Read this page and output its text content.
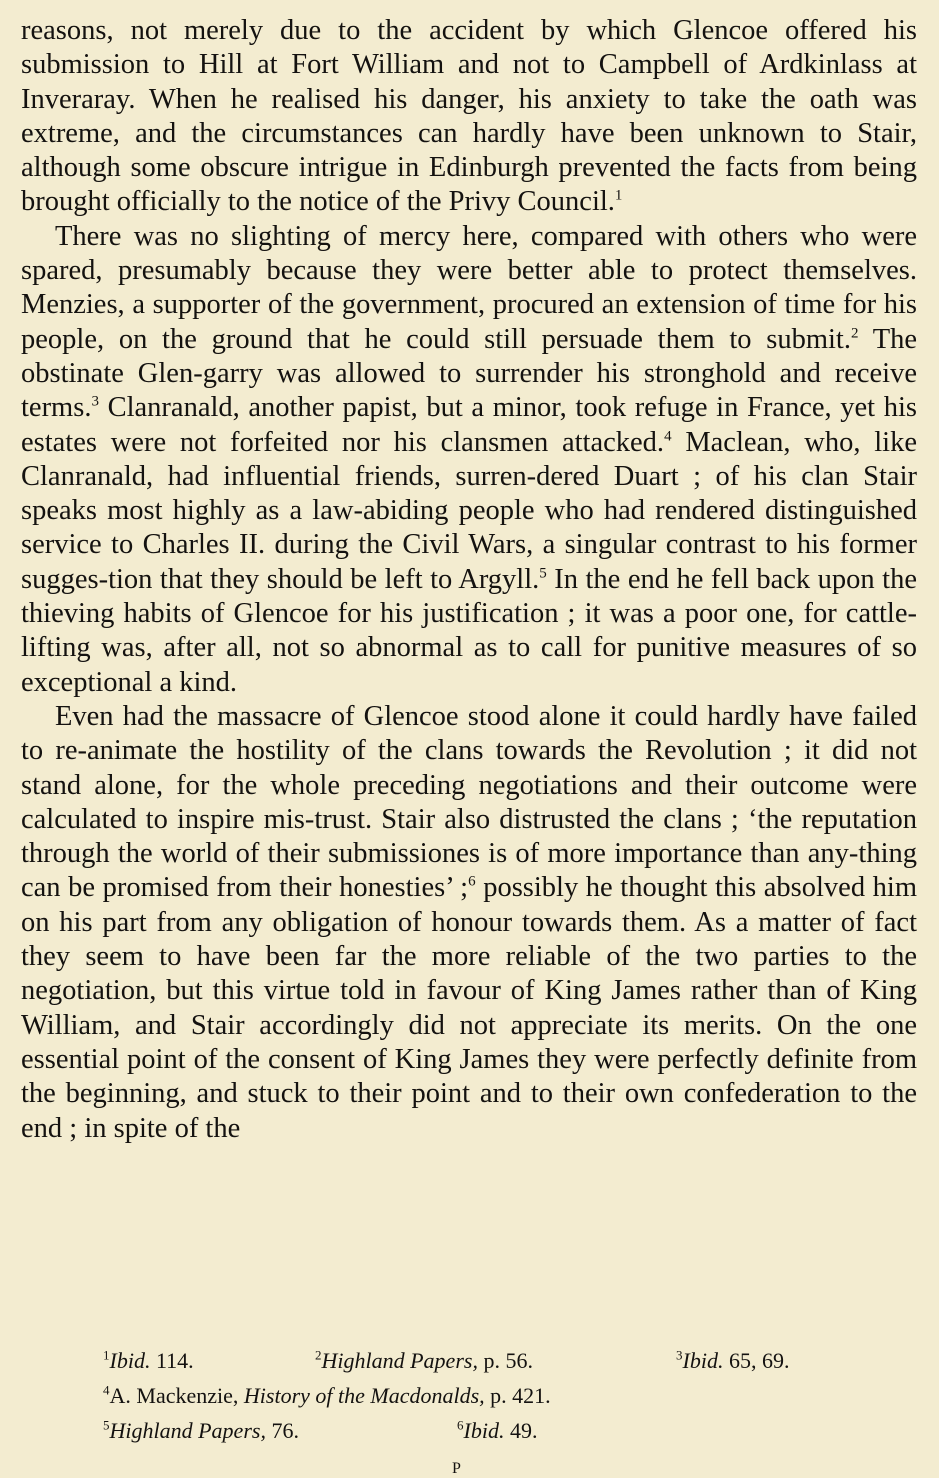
reasons, not merely due to the accident by which Glencoe offered his submission to Hill at Fort William and not to Campbell of Ardkinlass at Inveraray. When he realised his danger, his anxiety to take the oath was extreme, and the circumstances can hardly have been unknown to Stair, although some obscure intrigue in Edinburgh prevented the facts from being brought officially to the notice of the Privy Council.$^1$

There was no slighting of mercy here, compared with others who were spared, presumably because they were better able to protect themselves. Menzies, a supporter of the government, procured an extension of time for his people, on the ground that he could still persuade them to submit.$^2$ The obstinate Glen-garry was allowed to surrender his stronghold and receive terms.$^3$ Clanranald, another papist, but a minor, took refuge in France, yet his estates were not forfeited nor his clansmen attacked.$^4$ Maclean, who, like Clanranald, had influential friends, surren-dered Duart ; of his clan Stair speaks most highly as a law-abiding people who had rendered distinguished service to Charles II. during the Civil Wars, a singular contrast to his former sugges-tion that they should be left to Argyll.$^5$ In the end he fell back upon the thieving habits of Glencoe for his justification ; it was a poor one, for cattle-lifting was, after all, not so abnormal as to call for punitive measures of so exceptional a kind.

Even had the massacre of Glencoe stood alone it could hardly have failed to re-animate the hostility of the clans towards the Revolution ; it did not stand alone, for the whole preceding negotiations and their outcome were calculated to inspire mis-trust. Stair also distrusted the clans ; ‘the reputation through the world of their submissiones is of more importance than any-thing can be promised from their honesties’ ;$^6$ possibly he thought this absolved him on his part from any obligation of honour towards them. As a matter of fact they seem to have been far the more reliable of the two parties to the negotiation, but this virtue told in favour of King James rather than of King William, and Stair accordingly did not appreciate its merits. On the one essential point of the consent of King James they were perfectly definite from the beginning, and stuck to their point and to their own confederation to the end ; in spite of the

$^1$Ibid. 114.	$^2$Highland Papers, p. 56.	$^3$Ibid. 65, 69.
$^4$A. Mackenzie, History of the Macdonalds, p. 421.
$^5$Highland Papers, 76.	$^6$Ibid. 49.
P
